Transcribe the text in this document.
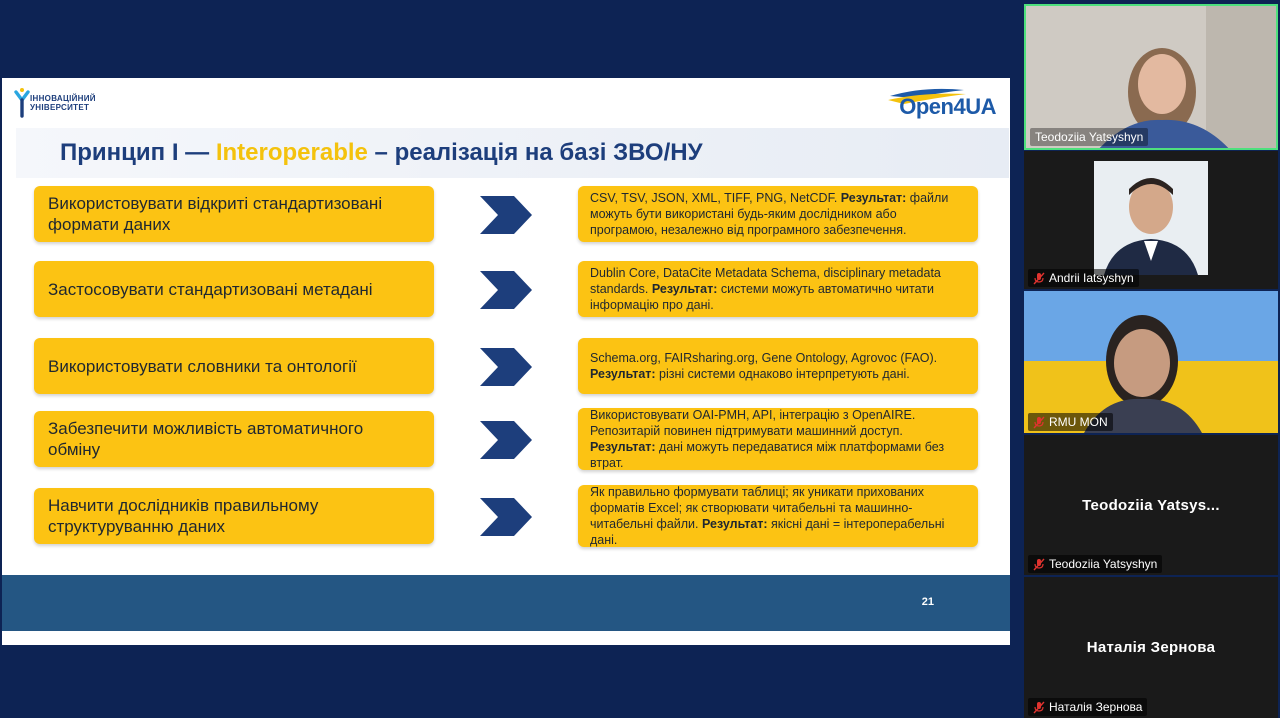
ІННОВАЦІЙНИЙ
УНІВЕРСИТЕТ	Open4UA
Принцип I — Interoperable – реалізація на базі ЗВО/НУ
Використовувати відкриті стандартизовані формати даних
CSV, TSV, JSON, XML, TIFF, PNG, NetCDF. Результат: файли можуть бути використані будь-яким дослідником або програмою, незалежно від програмного забезпечення.
Застосовувати стандартизовані метадані
Dublin Core, DataCite Metadata Schema, disciplinary metadata standards. Результат: системи можуть автоматично читати інформацію про дані.
Використовувати словники та онтології	Schema.org, FAIRsharing.org, Gene Ontology, Agrovoc (FAO). Результат: різні системи однаково інтерпретують дані.
Забезпечити можливість автоматичного обміну
Використовувати OAI-PMH, API, інтеграцію з OpenAIRE. Репозитарій повинен підтримувати машинний доступ. Результат: дані можуть передаватися між платформами без втрат.
Навчити дослідників правильному структуруванню даних
Як правильно формувати таблиці; як уникати прихованих форматів Excel; як створювати читабельні та машинно-читабельні файли. Результат: якісні дані = інтероперабельні дані.
21
Teodoziia Yatsyshyn
Andrii Iatsyshyn
RMU MON
Teodoziia Yatsys...
Teodoziia Yatsyshyn
Наталія Зернова
Наталія Зернова
